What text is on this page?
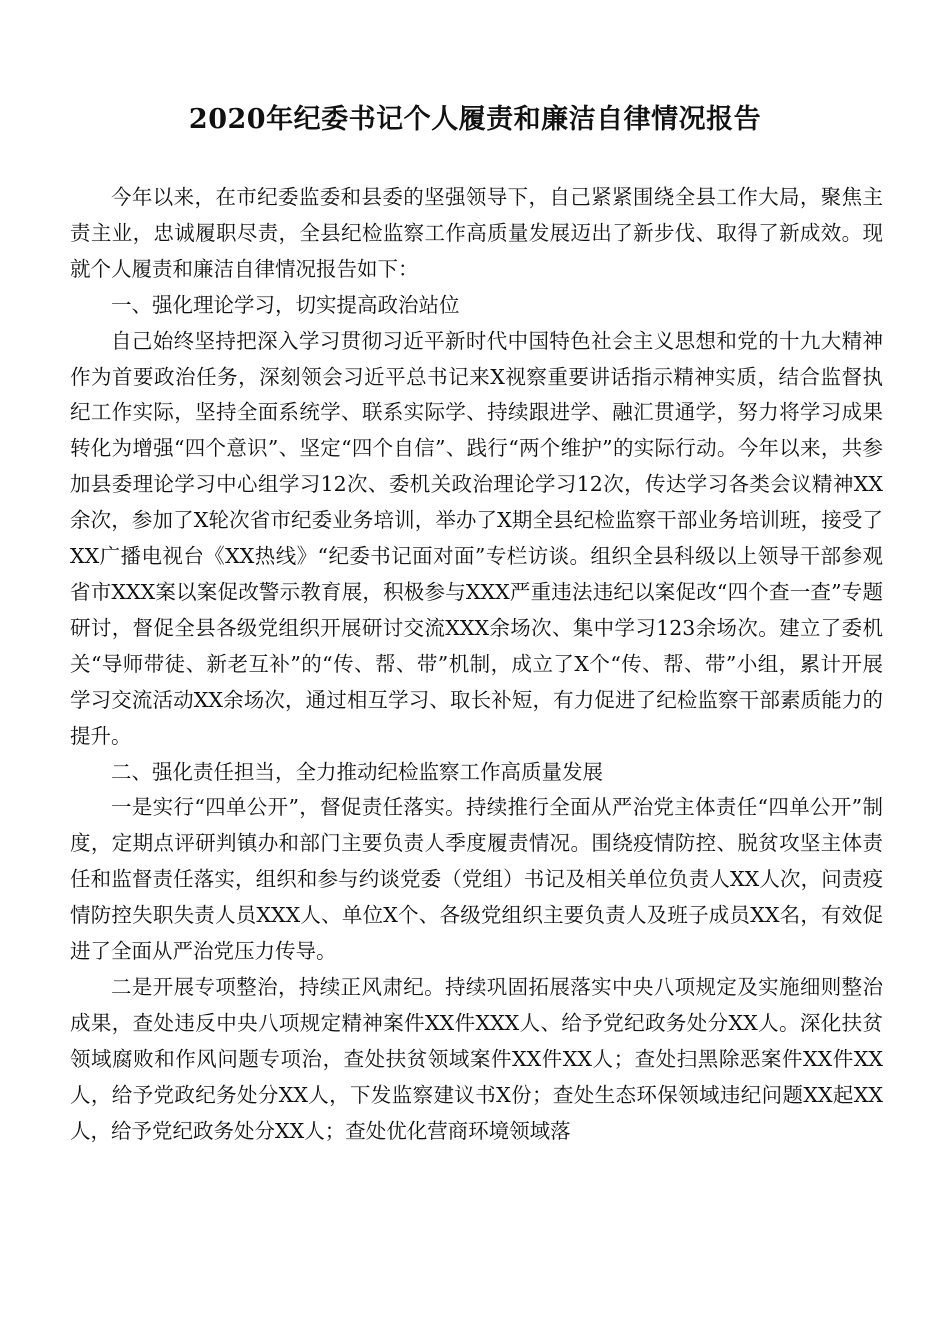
2020年纪委书记个人履责和廉洁自律情况报告

今年以来，在市纪委监委和县委的坚强领导下，自己紧紧围绕全县工作大局，聚焦主责主业，忠诚履职尽责，全县纪检监察工作高质量发展迈出了新步伐、取得了新成效。现就个人履责和廉洁自律情况报告如下：

一、强化理论学习，切实提高政治站位

自己始终坚持把深入学习贯彻习近平新时代中国特色社会主义思想和党的十九大精神作为首要政治任务，深刻领会习近平总书记来X视察重要讲话指示精神实质，结合监督执纪工作实际，坚持全面系统学、联系实际学、持续跟进学、融汇贯通学，努力将学习成果转化为增强“四个意识”、坚定“四个自信”、践行“两个维护”的实际行动。今年以来，共参加县委理论学习中心组学习12次、委机关政治理论学习12次，传达学习各类会议精神XX余次，参加了X轮次省市纪委业务培训，举办了X期全县纪检监察干部业务培训班，接受了XX广播电视台《XX热线》“纪委书记面对面”专栏访谈。组织全县科级以上领导干部参观省市XXX案以案促改警示教育展，积极参与XXX严重违法违纪以案促改“四个查一查”专题研讨，督促全县各级党组织开展研讨交流XXX余场次、集中学习123余场次。建立了委机关“导师带徒、新老互补”的“传、帮、带”机制，成立了X个“传、帮、带”小组，累计开展学习交流活动XX余场次，通过相互学习、取长补短，有力促进了纪检监察干部素质能力的提升。

二、强化责任担当，全力推动纪检监察工作高质量发展

一是实行“四单公开”，督促责任落实。持续推行全面从严治党主体责任“四单公开”制度，定期点评研判镇办和部门主要负责人季度履责情况。围绕疫情防控、脱贫攻坚主体责任和监督责任落实，组织和参与约谈党委（党组）书记及相关单位负责人XX人次，问责疫情防控失职失责人员XXX人、单位X个、各级党组织主要负责人及班子成员XX名，有效促进了全面从严治党压力传导。

二是开展专项整治，持续正风肃纪。持续巩固拓展落实中央八项规定及实施细则整治成果，查处违反中央八项规定精神案件XX件XXX人、给予党纪政务处分XX人。深化扶贫领域腐败和作风问题专项治，查处扶贫领域案件XX件XX人；查处扫黑除恶案件XX件XX人，给予党政纪务处分XX人，下发监察建议书X份；查处生态环保领域违纪问题XX起XX人，给予党纪政务处分XX人；查处优化营商环境领域落
